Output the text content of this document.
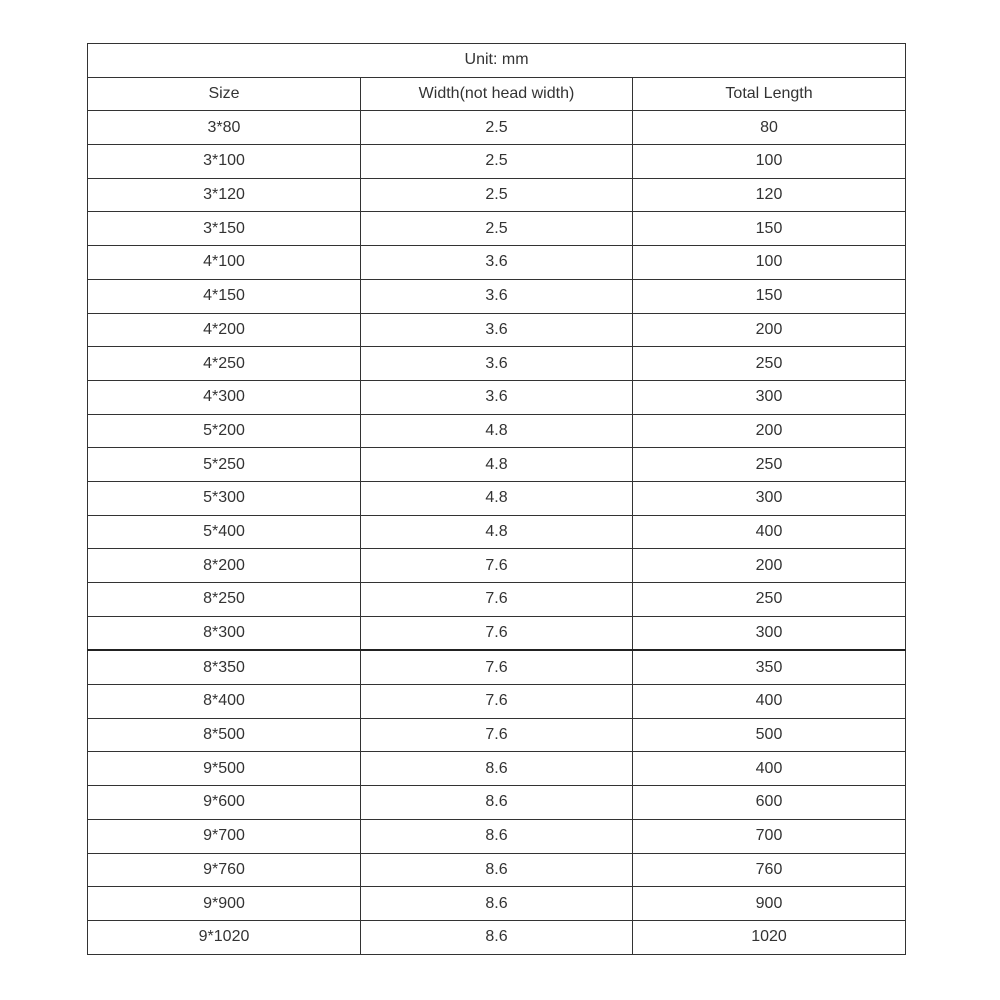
Unit: mm		
Size	Width(not head width)	Total Length
3*80	2.5	80
3*100	2.5	100
3*120	2.5	120
3*150	2.5	150
4*100	3.6	100
4*150	3.6	150
4*200	3.6	200
4*250	3.6	250
4*300	3.6	300
5*200	4.8	200
5*250	4.8	250
5*300	4.8	300
5*400	4.8	400
8*200	7.6	200
8*250	7.6	250
8*300	7.6	300
8*350	7.6	350
8*400	7.6	400
8*500	7.6	500
9*500	8.6	400
9*600	8.6	600
9*700	8.6	700
9*760	8.6	760
9*900	8.6	900
9*1020	8.6	1020
